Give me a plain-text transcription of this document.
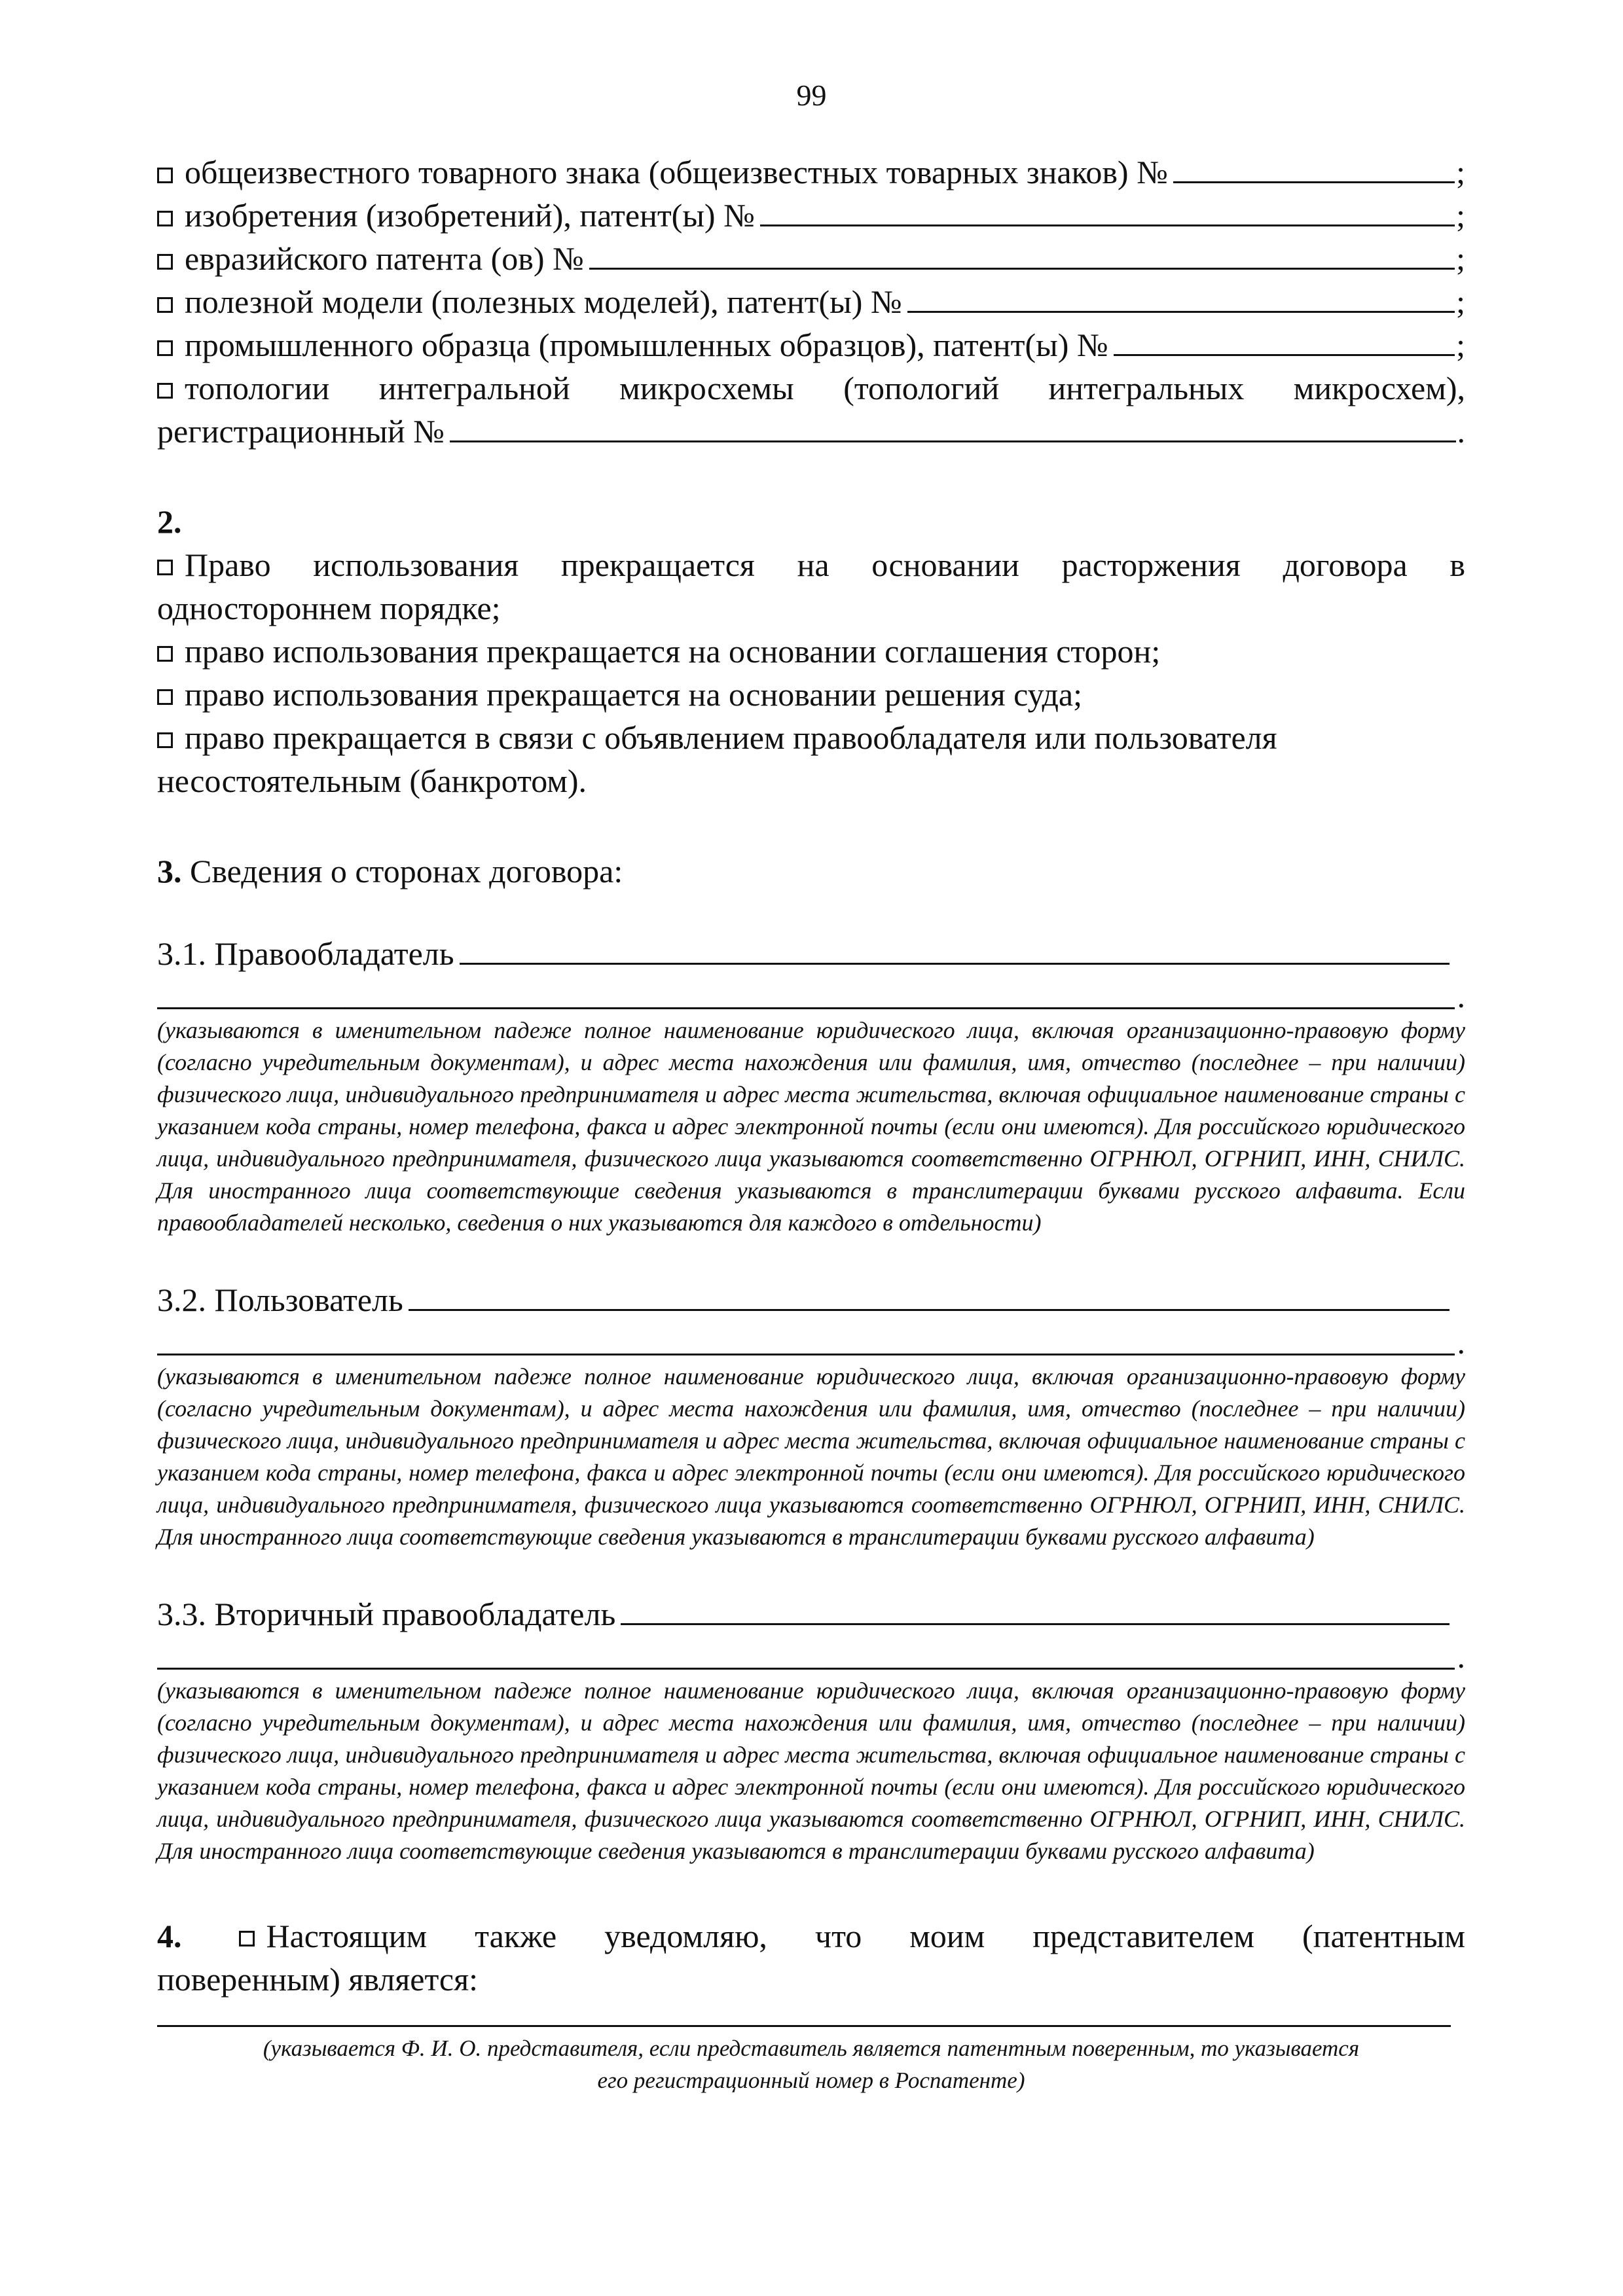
99
общеизвестного товарного знака (общеизвестных товарных знаков) №	;
изобретения (изобретений), патент(ы) №	;
евразийского патента (ов) №	;
полезной модели (полезных моделей), патент(ы) №	;
промышленного образца (промышленных образцов), патент(ы) №	;
топологии интегральной микросхемы (топологий интегральных микросхем),
регистрационный №	.
2.
Право использования прекращается на основании расторжения договора в
одностороннем порядке;
право использования прекращается на основании соглашения сторон;
право использования прекращается на основании решения суда;
право прекращается в связи с объявлением правообладателя или пользователя
несостоятельным (банкротом).
3. Сведения о сторонах договора:
3.1. Правообладатель
.
(указываются в именительном падеже полное наименование юридического лица, включая организационно-правовую форму (согласно учредительным документам), и адрес места нахождения или фамилия, имя, отчество (последнее – при наличии) физического лица, индивидуального предпринимателя и адрес места жительства, включая официальное наименование страны с указанием кода страны, номер телефона, факса и адрес электронной почты (если они имеются). Для российского юридического лица, индивидуального предпринимателя, физического лица указываются соответственно ОГРНЮЛ, ОГРНИП, ИНН, СНИЛС. Для иностранного лица соответствующие сведения указываются в транслитерации буквами русского алфавита. Если правообладателей несколько, сведения о них указываются для каждого в отдельности)
3.2. Пользователь
.
(указываются в именительном падеже полное наименование юридического лица, включая организационно-правовую форму (согласно учредительным документам), и адрес места нахождения или фамилия, имя, отчество (последнее – при наличии) физического лица, индивидуального предпринимателя и адрес места жительства, включая официальное наименование страны с указанием кода страны, номер телефона, факса и адрес электронной почты (если они имеются). Для российского юридического лица, индивидуального предпринимателя, физического лица указываются соответственно ОГРНЮЛ, ОГРНИП, ИНН, СНИЛС. Для иностранного лица соответствующие сведения указываются в транслитерации буквами русского алфавита)
3.3. Вторичный правообладатель
.
(указываются в именительном падеже полное наименование юридического лица, включая организационно-правовую форму (согласно учредительным документам), и адрес места нахождения или фамилия, имя, отчество (последнее – при наличии) физического лица, индивидуального предпринимателя и адрес места жительства, включая официальное наименование страны с указанием кода страны, номер телефона, факса и адрес электронной почты (если они имеются). Для российского юридического лица, индивидуального предпринимателя, физического лица указываются соответственно ОГРНЮЛ, ОГРНИП, ИНН, СНИЛС. Для иностранного лица соответствующие сведения указываются в транслитерации буквами русского алфавита)
4.	Настоящим также уведомляю, что моим представителем (патентным
поверенным) является:
(указывается Ф. И. О. представителя, если представитель является патентным поверенным, то указывается
его регистрационный номер в Роспатенте)
